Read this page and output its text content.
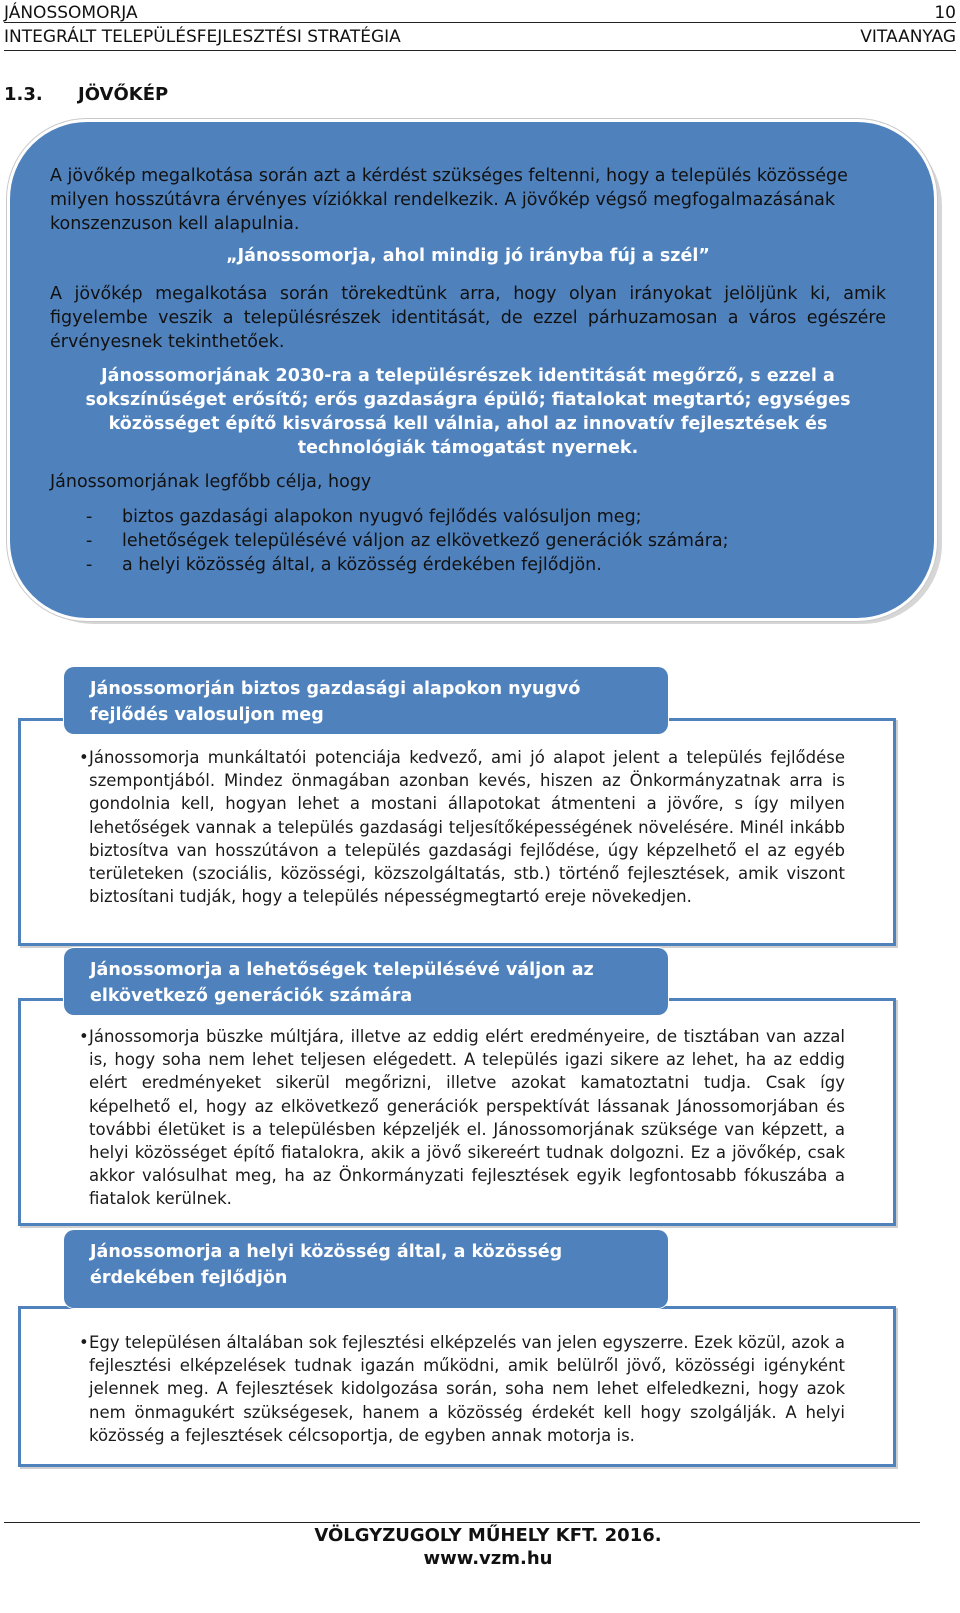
JÁNOSSOMORJA	10
INTEGRÁLT TELEPÜLÉSFEJLESZTÉSI STRATÉGIA	VITAANYAG
1.3. JÖVŐKÉP
A jövőkép megalkotása során azt a kérdést szükséges feltenni, hogy a település közössége milyen hosszútávra érvényes víziókkal rendelkezik. A jövőkép végső megfogalmazásának konszenzuson kell alapulnia.
„Jánossomorja, ahol mindig jó irányba fúj a szél”
A jövőkép megalkotása során törekedtünk arra, hogy olyan irányokat jelöljünk ki, amik figyelembe veszik a településrészek identitását, de ezzel párhuzamosan a város egészére érvényesnek tekinthetőek.
Jánossomorjának 2030-ra a településrészek identitását megőrző, s ezzel a sokszínűséget erősítő; erős gazdaságra épülő; fiatalokat megtartó; egységes közösséget építő kisvárossá kell válnia, ahol az innovatív fejlesztések és technológiák támogatást nyernek.
Jánossomorjának legfőbb célja, hogy
- biztos gazdasági alapokon nyugvó fejlődés valósuljon meg;
- lehetőségek településévé váljon az elkövetkező generációk számára;
- a helyi közösség által, a közösség érdekében fejlődjön.
• Jánossomorja munkáltatói potenciája kedvező, ami jó alapot jelent a település fejlődése szempontjából. Mindez önmagában azonban kevés, hiszen az Önkormányzatnak arra is gondolnia kell, hogyan lehet a mostani állapotokat átmenteni a jövőre, s így milyen lehetőségek vannak a település gazdasági teljesítőképességének növelésére. Minél inkább biztosítva van hosszútávon a település gazdasági fejlődése, úgy képzelhető el az egyéb területeken (szociális, közösségi, közszolgáltatás, stb.) történő fejlesztések, amik viszont biztosítani tudják, hogy a település népességmegtartó ereje növekedjen.
Jánossomorján biztos gazdasági alapokon nyugvó fejlődés valosuljon meg
• Jánossomorja büszke múltjára, illetve az eddig elért eredményeire, de tisztában van azzal is, hogy soha nem lehet teljesen elégedett. A település igazi sikere az lehet, ha az eddig elért eredményeket sikerül megőrizni, illetve azokat kamatoztatni tudja. Csak így képelhető el, hogy az elkövetkező generációk perspektívát lássanak Jánossomorjában és további életüket is a településben képzeljék el. Jánossomorjának szüksége van képzett, a helyi közösséget építő fiatalokra, akik a jövő sikereért tudnak dolgozni. Ez a jövőkép, csak akkor valósulhat meg, ha az Önkormányzati fejlesztések egyik legfontosabb fókuszába a fiatalok kerülnek.
Jánossomorja a lehetőségek településévé váljon az elkövetkező generációk számára
• Egy településen általában sok fejlesztési elképzelés van jelen egyszerre. Ezek közül, azok a fejlesztési elképzelések tudnak igazán működni, amik belülről jövő, közösségi igényként jelennek meg. A fejlesztések kidolgozása során, soha nem lehet elfeledkezni, hogy azok nem önmagukért szükségesek, hanem a közösség érdekét kell hogy szolgálják. A helyi közösség a fejlesztések célcsoportja, de egyben annak motorja is.
Jánossomorja a helyi közösség által, a közösség érdekében fejlődjön
VÖLGYZUGOLY MŰHELY KFT. 2016.
www.vzm.hu
